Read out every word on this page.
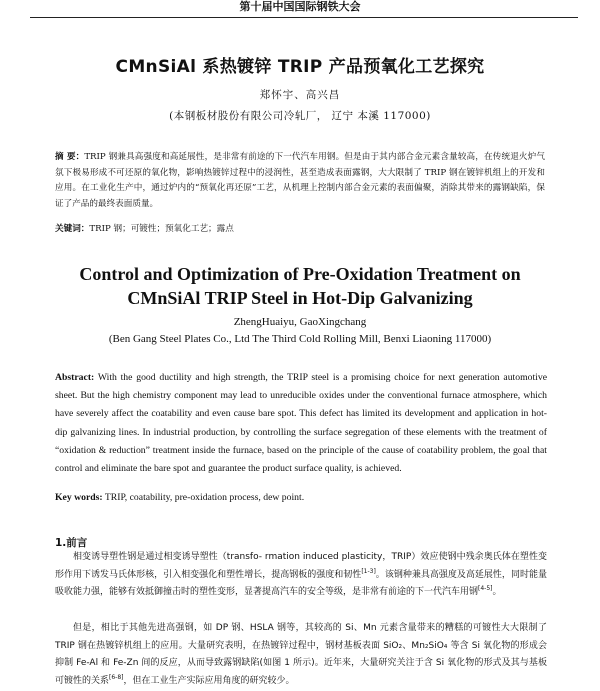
第十届中国国际钢铁大会
CMnSiAl 系热镀锌 TRIP 产品预氧化工艺探究
郑怀宇、高兴昌
(本钢板材股份有限公司冷轧厂， 辽宁 本溪 117000)
摘 要：TRIP 钢兼具高强度和高延展性，是非常有前途的下一代汽车用钢。但是由于其内部合金元素含量较高，在传统退火炉气氛下极易形成不可还原的氧化物，影响热镀锌过程中的浸润性，甚至造成表面露钢，大大限制了 TRIP 钢在镀锌机组上的开发和应用。在工业化生产中，通过炉内的“预氧化再还原”工艺，从机理上控制内部合金元素的表面偏聚，消除其带来的露钢缺陷，保证了产品的最终表面质量。
关键词：TRIP 钢；可镀性；预氧化工艺；露点
Control and Optimization of Pre-Oxidation Treatment on
CMnSiAl TRIP Steel in Hot-Dip Galvanizing
ZhengHuaiyu, GaoXingchang
(Ben Gang Steel Plates Co., Ltd The Third Cold Rolling Mill, Benxi Liaoning 117000)
Abstract: With the good ductility and high strength, the TRIP steel is a promising choice for next generation automotive sheet. But the high chemistry component may lead to unreducible oxides under the conventional furnace atmosphere, which have severely affect the coatability and even cause bare spot. This defect has limited its development and application in hot-dip galvanizing lines. In industrial production, by controlling the surface segregation of these elements with the treatment of “oxidation & reduction” treatment inside the furnace, based on the principle of the cause of coatability problem, the goal that control and eliminate the bare spot and guarantee the product surface quality, is achieved.
Key words: TRIP, coatability, pre-oxidation process, dew point.
1.前言

相变诱导塑性钢是通过相变诱导塑性（transfo- rmation induced plasticity，TRIP）效应使钢中残余奥氏体在塑性变形作用下诱发马氏体形核，引入相变强化和塑性增长，提高钢板的强度和韧性[1-3]。该钢种兼具高强度及高延展性，同时能量吸收能力强，能够有效抵御撞击时的塑性变形，显著提高汽车的安全等级，是非常有前途的下一代汽车用钢[4-5]。

但是，相比于其他先进高强钢，如 DP 钢、HSLA 钢等，其较高的 Si、Mn 元素含量带来的糟糕的可镀性大大限制了 TRIP 钢在热镀锌机组上的应用。大量研究表明，在热镀锌过程中，钢材基板表面 SiO₂、Mn₂SiO₄ 等含 Si 氧化物的形成会抑制 Fe-Al 和 Fe-Zn 间的反应，从而导致露钢缺陷(如图 1 所示)。近年来，大量研究关注于含 Si 氧化物的形式及其与基板可镀性的关系[6-8]，但在工业生产实际应用角度的研究较少。
